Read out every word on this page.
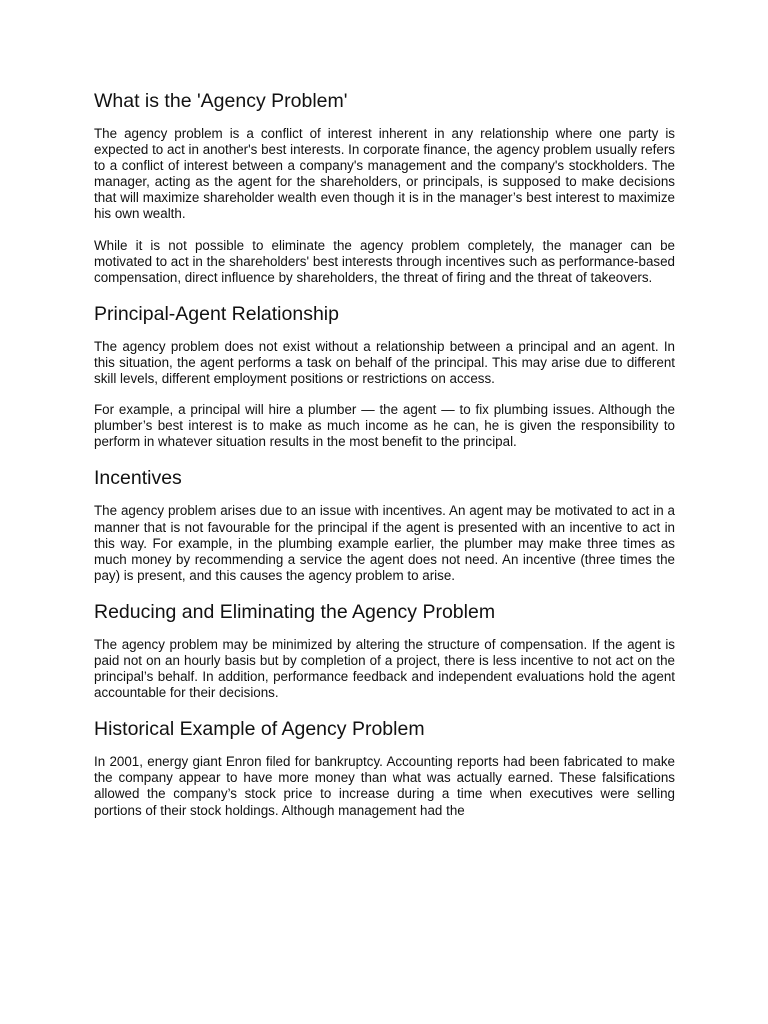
What is the 'Agency Problem'

The agency problem is a conflict of interest inherent in any relationship where one party is expected to act in another's best interests. In corporate finance, the agency problem usually refers to a conflict of interest between a company's management and the company's stockholders. The manager, acting as the agent for the shareholders, or principals, is supposed to make decisions that will maximize shareholder wealth even though it is in the manager’s best interest to maximize his own wealth.

While it is not possible to eliminate the agency problem completely, the manager can be motivated to act in the shareholders' best interests through incentives such as performance-based compensation, direct influence by shareholders, the threat of firing and the threat of takeovers.

Principal-Agent Relationship

The agency problem does not exist without a relationship between a principal and an agent. In this situation, the agent performs a task on behalf of the principal. This may arise due to different skill levels, different employment positions or restrictions on access.

For example, a principal will hire a plumber — the agent — to fix plumbing issues. Although the plumber’s best interest is to make as much income as he can, he is given the responsibility to perform in whatever situation results in the most benefit to the principal.

Incentives

The agency problem arises due to an issue with incentives. An agent may be motivated to act in a manner that is not favourable for the principal if the agent is presented with an incentive to act in this way. For example, in the plumbing example earlier, the plumber may make three times as much money by recommending a service the agent does not need. An incentive (three times the pay) is present, and this causes the agency problem to arise.

Reducing and Eliminating the Agency Problem

The agency problem may be minimized by altering the structure of compensation. If the agent is paid not on an hourly basis but by completion of a project, there is less incentive to not act on the principal’s behalf. In addition, performance feedback and independent evaluations hold the agent accountable for their decisions.

Historical Example of Agency Problem

In 2001, energy giant Enron filed for bankruptcy. Accounting reports had been fabricated to make the company appear to have more money than what was actually earned. These falsifications allowed the company’s stock price to increase during a time when executives were selling portions of their stock holdings. Although management had the
